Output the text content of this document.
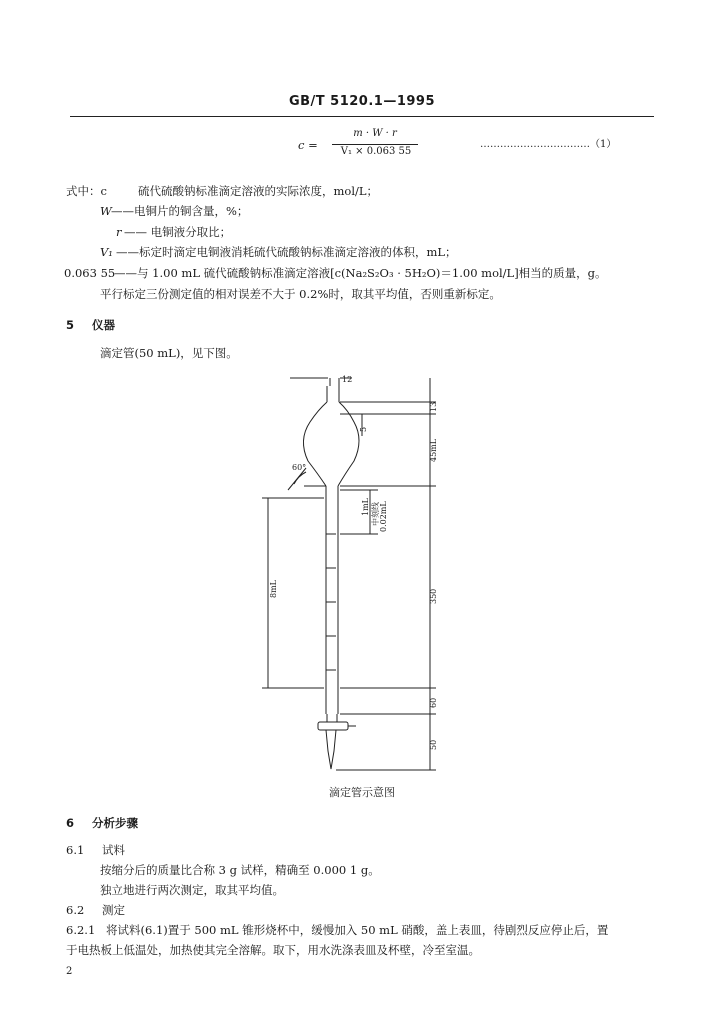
GB/T 5120.1—1995
c =
m · W · r
V₁ × 0.063 55
……………………………（1）
式中：c	硫代硫酸钠标准滴定溶液的实际浓度，mol/L；
W ——电铜片的铜含量，%；
r —— 电铜液分取比；
V₁ ——标定时滴定电铜液消耗硫代硫酸钠标准滴定溶液的体积，mL；
0.063 55
——与 1.00 mL 硫代硫酸钠标准滴定溶液[c(Na₂S₂O₃ · 5H₂O)＝1.00 mol/L]相当的质量，g。
平行标定三份测定值的相对误差不大于 0.2%时，取其平均值，否则重新标定。
5 仪器
滴定管(50 mL)，见下图。
12
13
5
45mL
60°
1mL 中刻线 0.02mL
8mL	350
60
50
滴定管示意图
6 分析步骤
6.1 试料
按缩分后的质量比合称 3 g 试样，精确至 0.000 1 g。
独立地进行两次测定，取其平均值。
6.2 测定
6.2.1 将试料(6.1)置于 500 mL 锥形烧杯中，缓慢加入 50 mL 硝酸，盖上表皿，待剧烈反应停止后，置
于电热板上低温处，加热使其完全溶解。取下，用水洗涤表皿及杯壁，冷至室温。
2
